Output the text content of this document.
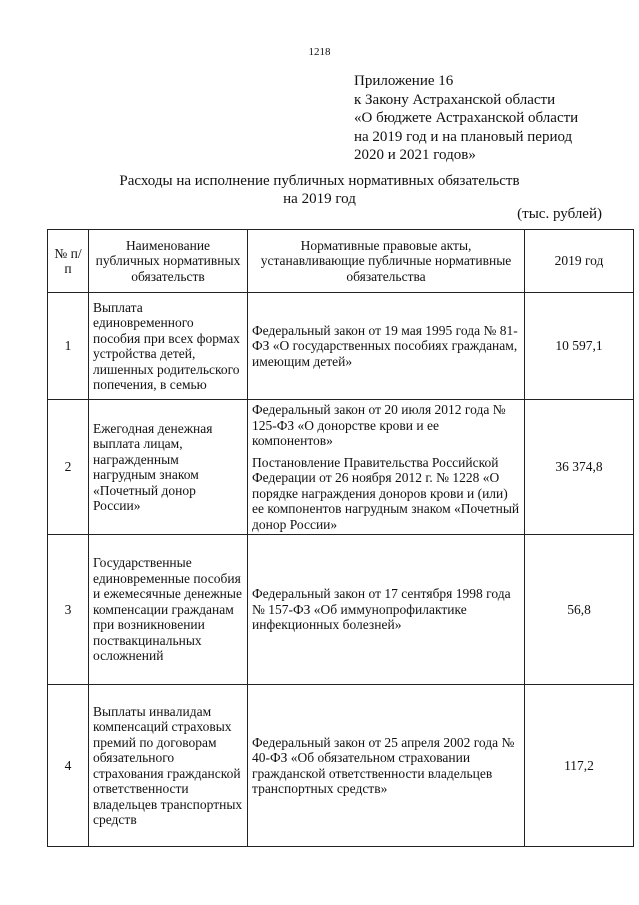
1218
Приложение 16
к Закону Астраханской области
«О бюджете Астраханской области
на 2019 год и на плановый период
2020 и 2021 годов»
Расходы на исполнение публичных нормативных обязательств
на 2019 год
(тыс. рублей)
№ п/п	Наименование публичных нормативных обязательств	Нормативные правовые акты, устанавливающие публичные нормативные обязательства	2019 год
1	Выплата единовременного пособия при всех формах устройства детей, лишенных родительского попечения, в семью	Федеральный закон от 19 мая 1995 года № 81-ФЗ «О государственных пособиях гражданам, имеющим детей»	10 597,1
2	Ежегодная денежная выплата лицам, награжденным нагрудным знаком «Почетный донор России»	Федеральный закон от 20 июля 2012 года № 125-ФЗ «О донорстве крови и ее компонентов»
Постановление Правительства Российской Федерации от 26 ноября 2012 г. № 1228 «О порядке награждения доноров крови и (или) ее компонентов нагрудным знаком «Почетный донор России»	36 374,8
3	Государственные единовременные пособия и ежемесячные денежные компенсации гражданам при возникновении поствакцинальных осложнений	Федеральный закон от 17 сентября 1998 года № 157-ФЗ «Об иммунопрофилактике инфекционных болезней»	56,8
4	Выплаты инвалидам компенсаций страховых премий по договорам обязательного страхования гражданской ответственности владельцев транспортных средств	Федеральный закон от 25 апреля 2002 года № 40-ФЗ «Об обязательном страховании гражданской ответственности владельцев транспортных средств»	117,2
